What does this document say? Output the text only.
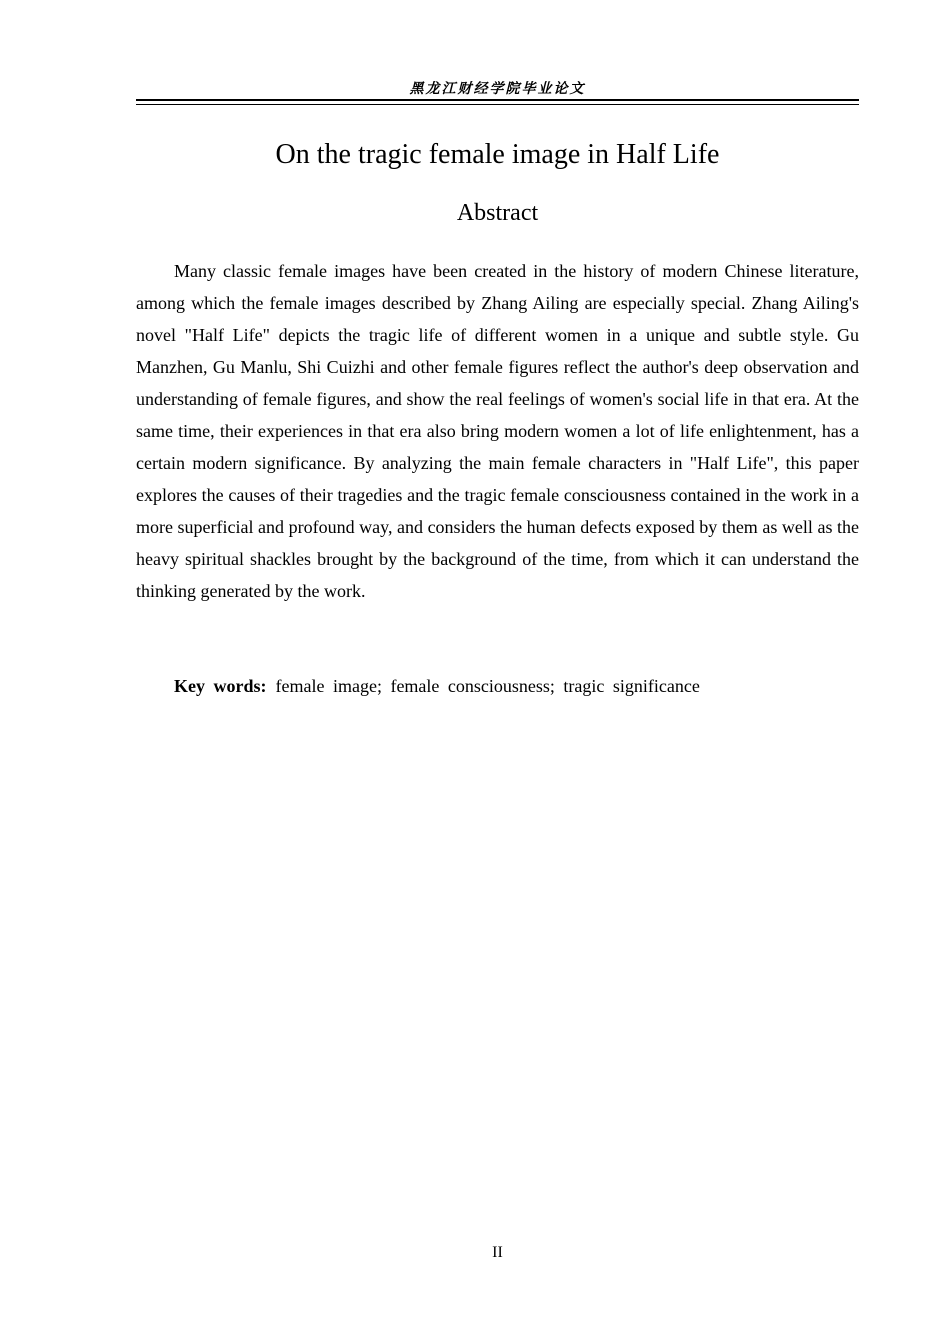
黑龙江财经学院毕业论文
On the tragic female image in Half Life
Abstract

Many classic female images have been created in the history of modern Chinese literature, among which the female images described by Zhang Ailing are especially special. Zhang Ailing's novel "Half Life" depicts the tragic life of different women in a unique and subtle style. Gu Manzhen, Gu Manlu, Shi Cuizhi and other female figures reflect the author's deep observation and understanding of female figures, and show the real feelings of women's social life in that era. At the same time, their experiences in that era also bring modern women a lot of life enlightenment, has a certain modern significance. By analyzing the main female characters in "Half Life", this paper explores the causes of their tragedies and the tragic female consciousness contained in the work in a more superficial and profound way, and considers the human defects exposed by them as well as the heavy spiritual shackles brought by the background of the time, from which it can understand the thinking generated by the work.

Key words: female image; female consciousness; tragic significance

II
